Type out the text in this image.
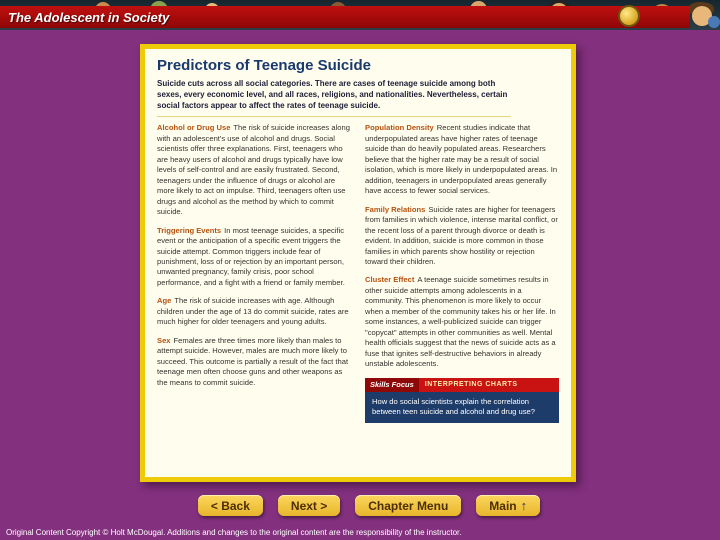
The Adolescent in Society
Predictors of Teenage Suicide

Suicide cuts across all social categories. There are cases of teenage suicide among both sexes, every economic level, and all races, religions, and nationalities. Nevertheless, certain social factors appear to affect the rates of teenage suicide.

Alcohol or Drug Use The risk of suicide increases along with an adolescent's use of alcohol and drugs. Social scientists offer three explanations. First, teenagers who are heavy users of alcohol and drugs typically have low levels of self-control and are easily frustrated. Second, teenagers under the influence of drugs or alcohol are more likely to act on impulse. Third, teenagers often use drugs and alcohol as the method by which to commit suicide.

Triggering Events In most teenage suicides, a specific event or the anticipation of a specific event triggers the suicide attempt. Common triggers include fear of punishment, loss of or rejection by an important person, unwanted pregnancy, family crisis, poor school performance, and a fight with a friend or family member.

Age The risk of suicide increases with age. Although children under the age of 13 do commit suicide, rates are much higher for older teenagers and young adults.

Sex Females are three times more likely than males to attempt suicide. However, males are much more likely to succeed. This outcome is partially a result of the fact that teenage men often choose guns and other weapons as the means to commit suicide.

Population Density Recent studies indicate that underpopulated areas have higher rates of teenage suicide than do heavily populated areas. Researchers believe that the higher rate may be a result of social isolation, which is more likely in underpopulated areas. In addition, teenagers in underpopulated areas generally have access to fewer social services.

Family Relations Suicide rates are higher for teenagers from families in which violence, intense marital conflict, or the recent loss of a parent through divorce or death is evident. In addition, suicide is more common in those families in which parents show hostility or rejection toward their children.

Cluster Effect A teenage suicide sometimes results in other suicide attempts among adolescents in a community. This phenomenon is more likely to occur when a member of the community takes his or her life. In some instances, a well-publicized suicide can trigger "copycat" attempts in other communities as well. Mental health officials suggest that the news of suicide acts as a fuse that ignites self-destructive behaviors in already unstable adolescents.

Skills Focus	INTERPRETING CHARTS
How do social scientists explain the correlation between teen suicide and alcohol and drug use?
< Back	Next >	Chapter Menu	Main ↑
Original Content Copyright © Holt McDougal. Additions and changes to the original content are the responsibility of the instructor.
